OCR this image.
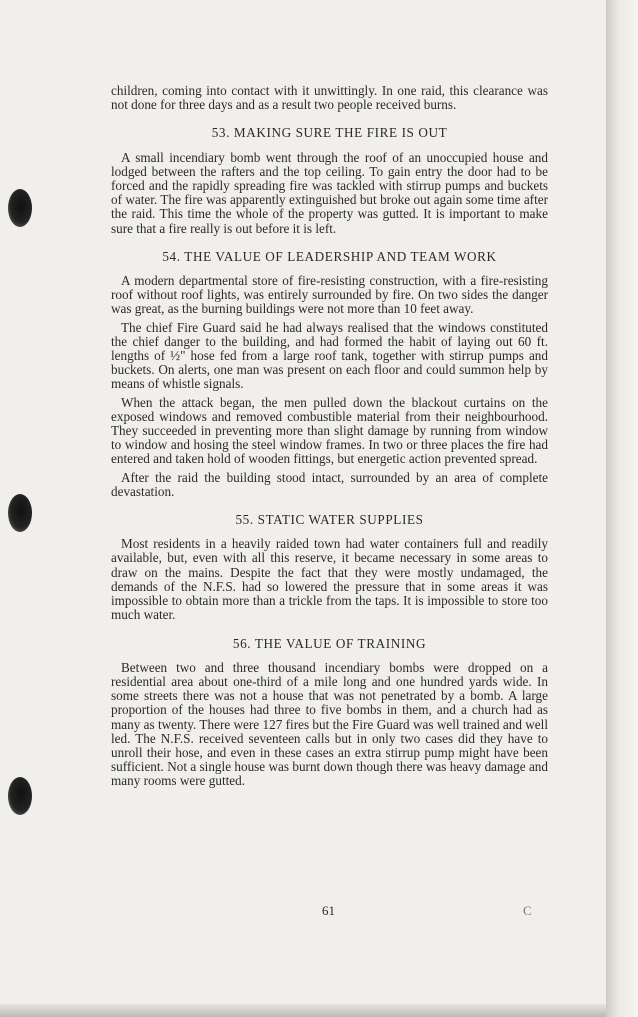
children, coming into contact with it unwittingly. In one raid, this clearance was not done for three days and as a result two people received burns.

53. MAKING SURE THE FIRE IS OUT

A small incendiary bomb went through the roof of an unoccupied house and lodged between the rafters and the top ceiling. To gain entry the door had to be forced and the rapidly spreading fire was tackled with stirrup pumps and buckets of water. The fire was apparently extinguished but broke out again some time after the raid. This time the whole of the property was gutted. It is important to make sure that a fire really is out before it is left.

54. THE VALUE OF LEADERSHIP AND TEAM WORK

A modern departmental store of fire-resisting construction, with a fire-resisting roof without roof lights, was entirely surrounded by fire. On two sides the danger was great, as the burning buildings were not more than 10 feet away.

The chief Fire Guard said he had always realised that the windows constituted the chief danger to the building, and had formed the habit of laying out 60 ft. lengths of ½" hose fed from a large roof tank, together with stirrup pumps and buckets. On alerts, one man was present on each floor and could summon help by means of whistle signals.

When the attack began, the men pulled down the blackout curtains on the exposed windows and removed combustible material from their neighbourhood. They succeeded in preventing more than slight damage by running from window to window and hosing the steel window frames. In two or three places the fire had entered and taken hold of wooden fittings, but energetic action prevented spread.

After the raid the building stood intact, surrounded by an area of complete devastation.

55. STATIC WATER SUPPLIES

Most residents in a heavily raided town had water containers full and readily available, but, even with all this reserve, it became necessary in some areas to draw on the mains. Despite the fact that they were mostly undamaged, the demands of the N.F.S. had so lowered the pressure that in some areas it was impossible to obtain more than a trickle from the taps. It is impossible to store too much water.

56. THE VALUE OF TRAINING

Between two and three thousand incendiary bombs were dropped on a residential area about one-third of a mile long and one hundred yards wide. In some streets there was not a house that was not penetrated by a bomb. A large proportion of the houses had three to five bombs in them, and a church had as many as twenty. There were 127 fires but the Fire Guard was well trained and well led. The N.F.S. received seventeen calls but in only two cases did they have to unroll their hose, and even in these cases an extra stirrup pump might have been sufficient. Not a single house was burnt down though there was heavy damage and many rooms were gutted.

61	C
